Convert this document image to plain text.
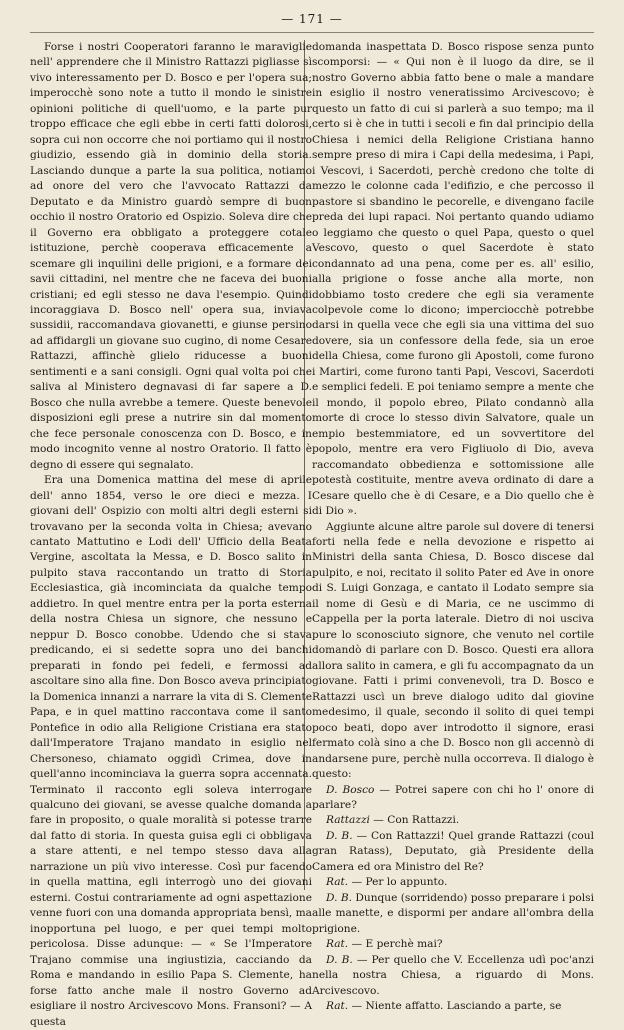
— 171 —

Forse i nostri Cooperatori faranno le maraviglie nell' apprendere che il Ministro Rattazzi pigliasse sì vivo interessamento per D. Bosco e per l'opera sua; imperocchè sono note a tutto il mondo le sinistre opinioni politiche di quell'uomo, e la parte pur troppo efficace che egli ebbe in certi fatti dolorosi, sopra cui non occorre che noi portiamo qui il nostro giudizio, essendo già in dominio della storia. Lasciando dunque a parte la sua politica, notiamo ad onore del vero che l'avvocato Rattazzi da Deputato e da Ministro guardò sempre di buon occhio il nostro Oratorio ed Ospizio. Soleva dire che il Governo era obbligato a proteggere cotale istituzione, perchè cooperava efficacemente a scemare gli inquilini delle prigioni, e a formare dei savii cittadini, nel mentre che ne faceva dei buoni cristiani; ed egli stesso ne dava l'esempio. Quindi incoraggiava D. Bosco nell' opera sua, inviava sussidii, raccomandava giovanetti, e giunse persino ad affidargli un giovane suo cugino, di nome Cesare Rattazzi, affinchè glielo riducesse a buoni sentimenti e a sani consigli. Ogni qual volta poi che saliva al Ministero degnavasi di far sapere a D. Bosco che nulla avrebbe a temere. Queste benevole disposizioni egli prese a nutrire sin dal momento che fece personale conoscenza con D. Bosco, e in modo incognito venne al nostro Oratorio. Il fatto è degno di essere qui segnalato.

Era una Domenica mattina del mese di aprile dell' anno 1854, verso le ore dieci e mezza. I giovani dell' Ospizio con molti altri degli esterni si trovavano per la seconda volta in Chiesa; avevano cantato Mattutino e Lodi dell' Ufficio della Beata Vergine, ascoltata la Messa, e D. Bosco salito in pulpito stava raccontando un tratto di Storia Ecclesiastica, già incominciata da qualche tempo addietro. In quel mentre entra per la porta esterna della nostra Chiesa un signore, che nessuno e neppur D. Bosco conobbe. Udendo che si stava predicando, ei si sedette sopra uno dei banchi preparati in fondo pei fedeli, e fermossi ad ascoltare sino alla fine. Don Bosco aveva principiato la Domenica innanzi a narrare la vita di S. Clemente Papa, e in quel mattino raccontava come il santo Pontefice in odio alla Religione Cristiana era stato dall'Imperatore Trajano mandato in esiglio nel Chersoneso, chiamato oggidì Crimea, dove in quell'anno incominciava la guerra sopra accennata. Terminato il racconto egli soleva interrogare qualcuno dei giovani, se avesse qualche domanda a fare in proposito, o quale moralità si potesse trarre dal fatto di storia. In questa guisa egli ci obbligava a stare attenti, e nel tempo stesso dava alla narrazione un più vivo interesse. Così pur facendo in quella mattina, egli interrogò uno dei giovani esterni. Costui contrariamente ad ogni aspettazione venne fuori con una domanda appropriata bensì, ma inopportuna pel luogo, e per quei tempi molto pericolosa. Disse adunque: — « Se l'Imperatore Trajano commise una ingiustizia, cacciando da Roma e mandando in esilio Papa S. Clemente, ha forse fatto anche male il nostro Governo ad esigliare il nostro Arcivescovo Mons. Fransoni? — A questa

domanda inaspettata D. Bosco rispose senza punto scomporsi: — « Qui non è il luogo da dire, se il nostro Governo abbia fatto bene o male a mandare in esiglio il nostro veneratissimo Arcivescovo; è questo un fatto di cui si parlerà a suo tempo; ma il certo si è che in tutti i secoli e fin dal principio della Chiesa i nemici della Religione Cristiana hanno sempre preso di mira i Capi della medesima, i Papi, i Vescovi, i Sacerdoti, perchè credono che tolte di mezzo le colonne cada l'edifizio, e che percosso il pastore si sbandino le pecorelle, e divengano facile preda dei lupi rapaci. Noi pertanto quando udiamo o leggiamo che questo o quel Papa, questo o quel Vescovo, questo o quel Sacerdote è stato condannato ad una pena, come per es. all' esilio, alla prigione o fosse anche alla morte, non dobbiamo tosto credere che egli sia veramente colpevole come lo dicono; imperciocchè potrebbe darsi in quella vece che egli sia una vittima del suo dovere, sia un confessore della fede, sia un eroe della Chiesa, come furono gli Apostoli, come furono i Martiri, come furono tanti Papi, Vescovi, Sacerdoti e semplici fedeli. E poi teniamo sempre a mente che il mondo, il popolo ebreo, Pilato condannò alla morte di croce lo stesso divin Salvatore, quale un empio bestemmiatore, ed un sovvertitore del popolo, mentre era vero Figliuolo di Dio, aveva raccomandato obbedienza e sottomissione alle potestà costituite, mentre aveva ordinato di dare a Cesare quello che è di Cesare, e a Dio quello che è di Dio ».

Aggiunte alcune altre parole sul dovere di tenersi forti nella fede e nella devozione e rispetto ai Ministri della santa Chiesa, D. Bosco discese dal pulpito, e noi, recitato il solito Pater ed Ave in onore di S. Luigi Gonzaga, e cantato il Lodato sempre sia il nome di Gesù e di Maria, ce ne uscimmo di Cappella per la porta laterale. Dietro di noi usciva pure lo sconosciuto signore, che venuto nel cortile domandò di parlare con D. Bosco. Questi era allora allora salito in camera, e gli fu accompagnato da un giovane. Fatti i primi convenevoli, tra D. Bosco e Rattazzi uscì un breve dialogo udito dal giovine medesimo, il quale, secondo il solito di quei tempi poco beati, dopo aver introdotto il signore, erasi fermato colà sino a che D. Bosco non gli accennò di andarsene pure, perchè nulla occorreva. Il dialogo è questo:

D. Bosco — Potrei sapere con chi ho l' onore di parlare?

Rattazzi — Con Rattazzi.

D. B. — Con Rattazzi! Quel grande Rattazzi (coul gran Ratass), Deputato, già Presidente della Camera ed ora Ministro del Re?

Rat. — Per lo appunto.

D. B. Dunque (sorridendo) posso preparare i polsi alle manette, e dispormi per andare all'ombra della prigione.

Rat. — E perchè mai?

D. B. — Per quello che V. Eccellenza udì poc'anzi nella nostra Chiesa, a riguardo di Mons. Arcivescovo.

Rat. — Niente affatto. Lasciando a parte, se
